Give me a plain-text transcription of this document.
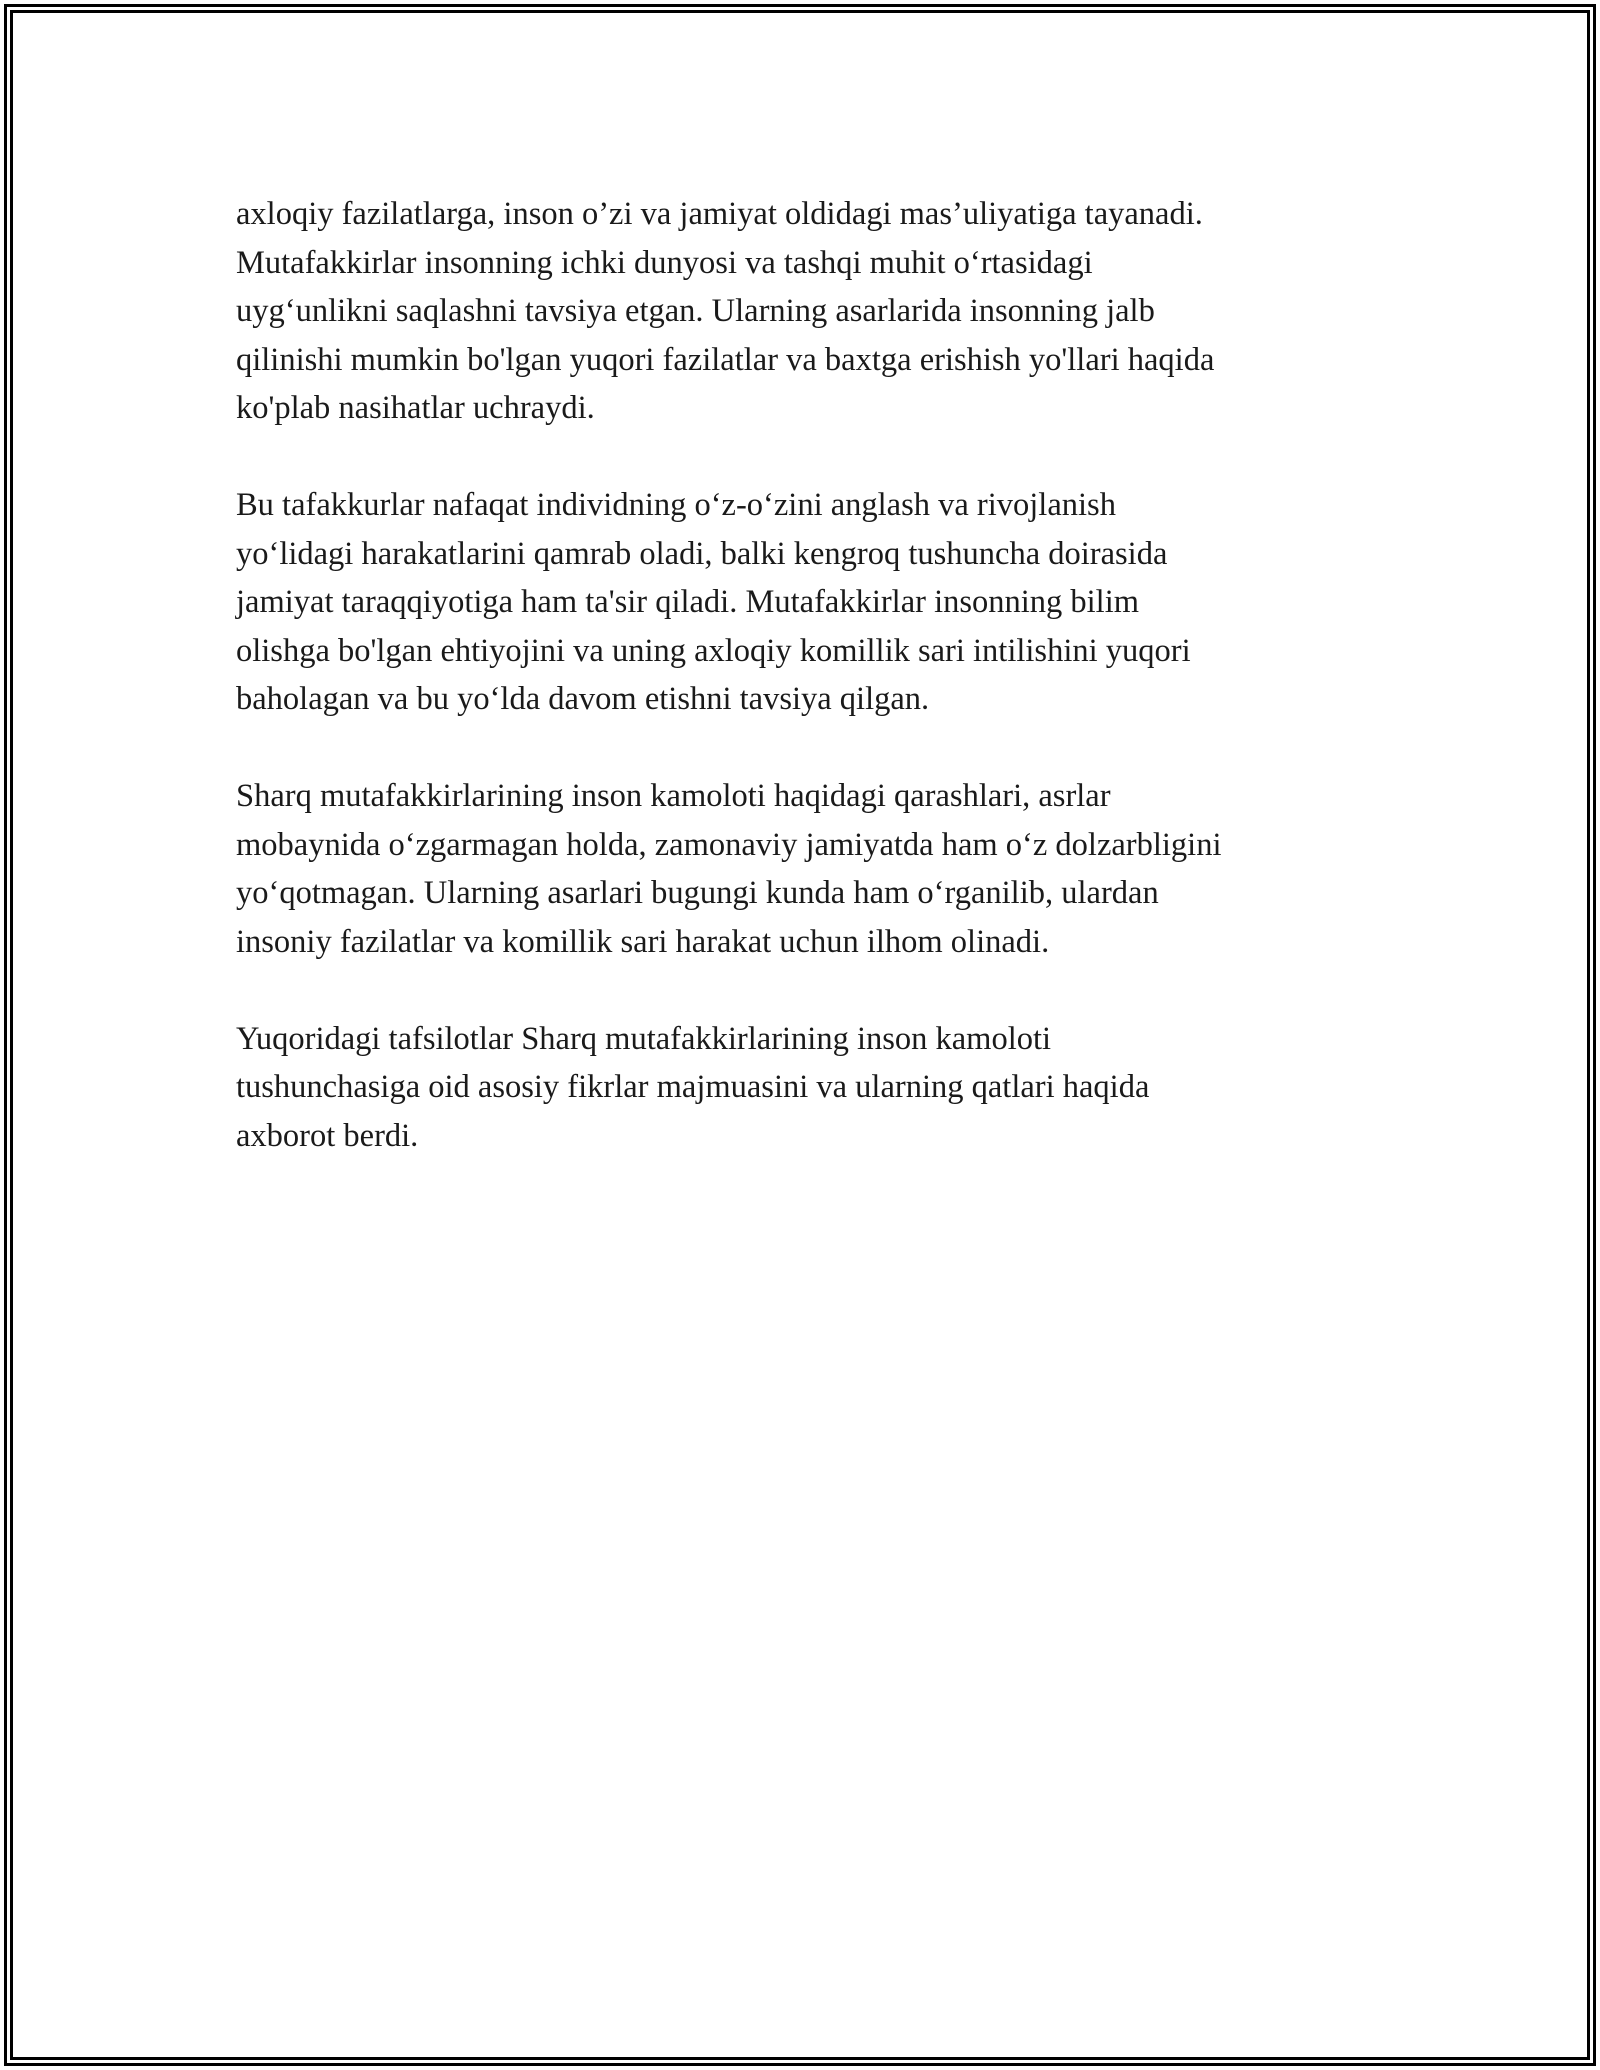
axloqiy fazilatlarga, inson o’zi va jamiyat oldidagi mas’uliyatiga tayanadi.
Mutafakkirlar insonning ichki dunyosi va tashqi muhit oʻrtasidagi
uygʻunlikni saqlashni tavsiya etgan. Ularning asarlarida insonning jalb
qilinishi mumkin bo'lgan yuqori fazilatlar va baxtga erishish yo'llari haqida
ko'plab nasihatlar uchraydi.

Bu tafakkurlar nafaqat individning oʻz-oʻzini anglash va rivojlanish
yoʻlidagi harakatlarini qamrab oladi, balki kengroq tushuncha doirasida
jamiyat taraqqiyotiga ham ta'sir qiladi. Mutafakkirlar insonning bilim
olishga bo'lgan ehtiyojini va uning axloqiy komillik sari intilishini yuqori
baholagan va bu yoʻlda davom etishni tavsiya qilgan.

Sharq mutafakkirlarining inson kamoloti haqidagi qarashlari, asrlar
mobaynida oʻzgarmagan holda, zamonaviy jamiyatda ham oʻz dolzarbligini
yoʻqotmagan. Ularning asarlari bugungi kunda ham oʻrganilib, ulardan
insoniy fazilatlar va komillik sari harakat uchun ilhom olinadi.

Yuqoridagi tafsilotlar Sharq mutafakkirlarining inson kamoloti
tushunchasiga oid asosiy fikrlar majmuasini va ularning qatlari haqida
axborot berdi.
